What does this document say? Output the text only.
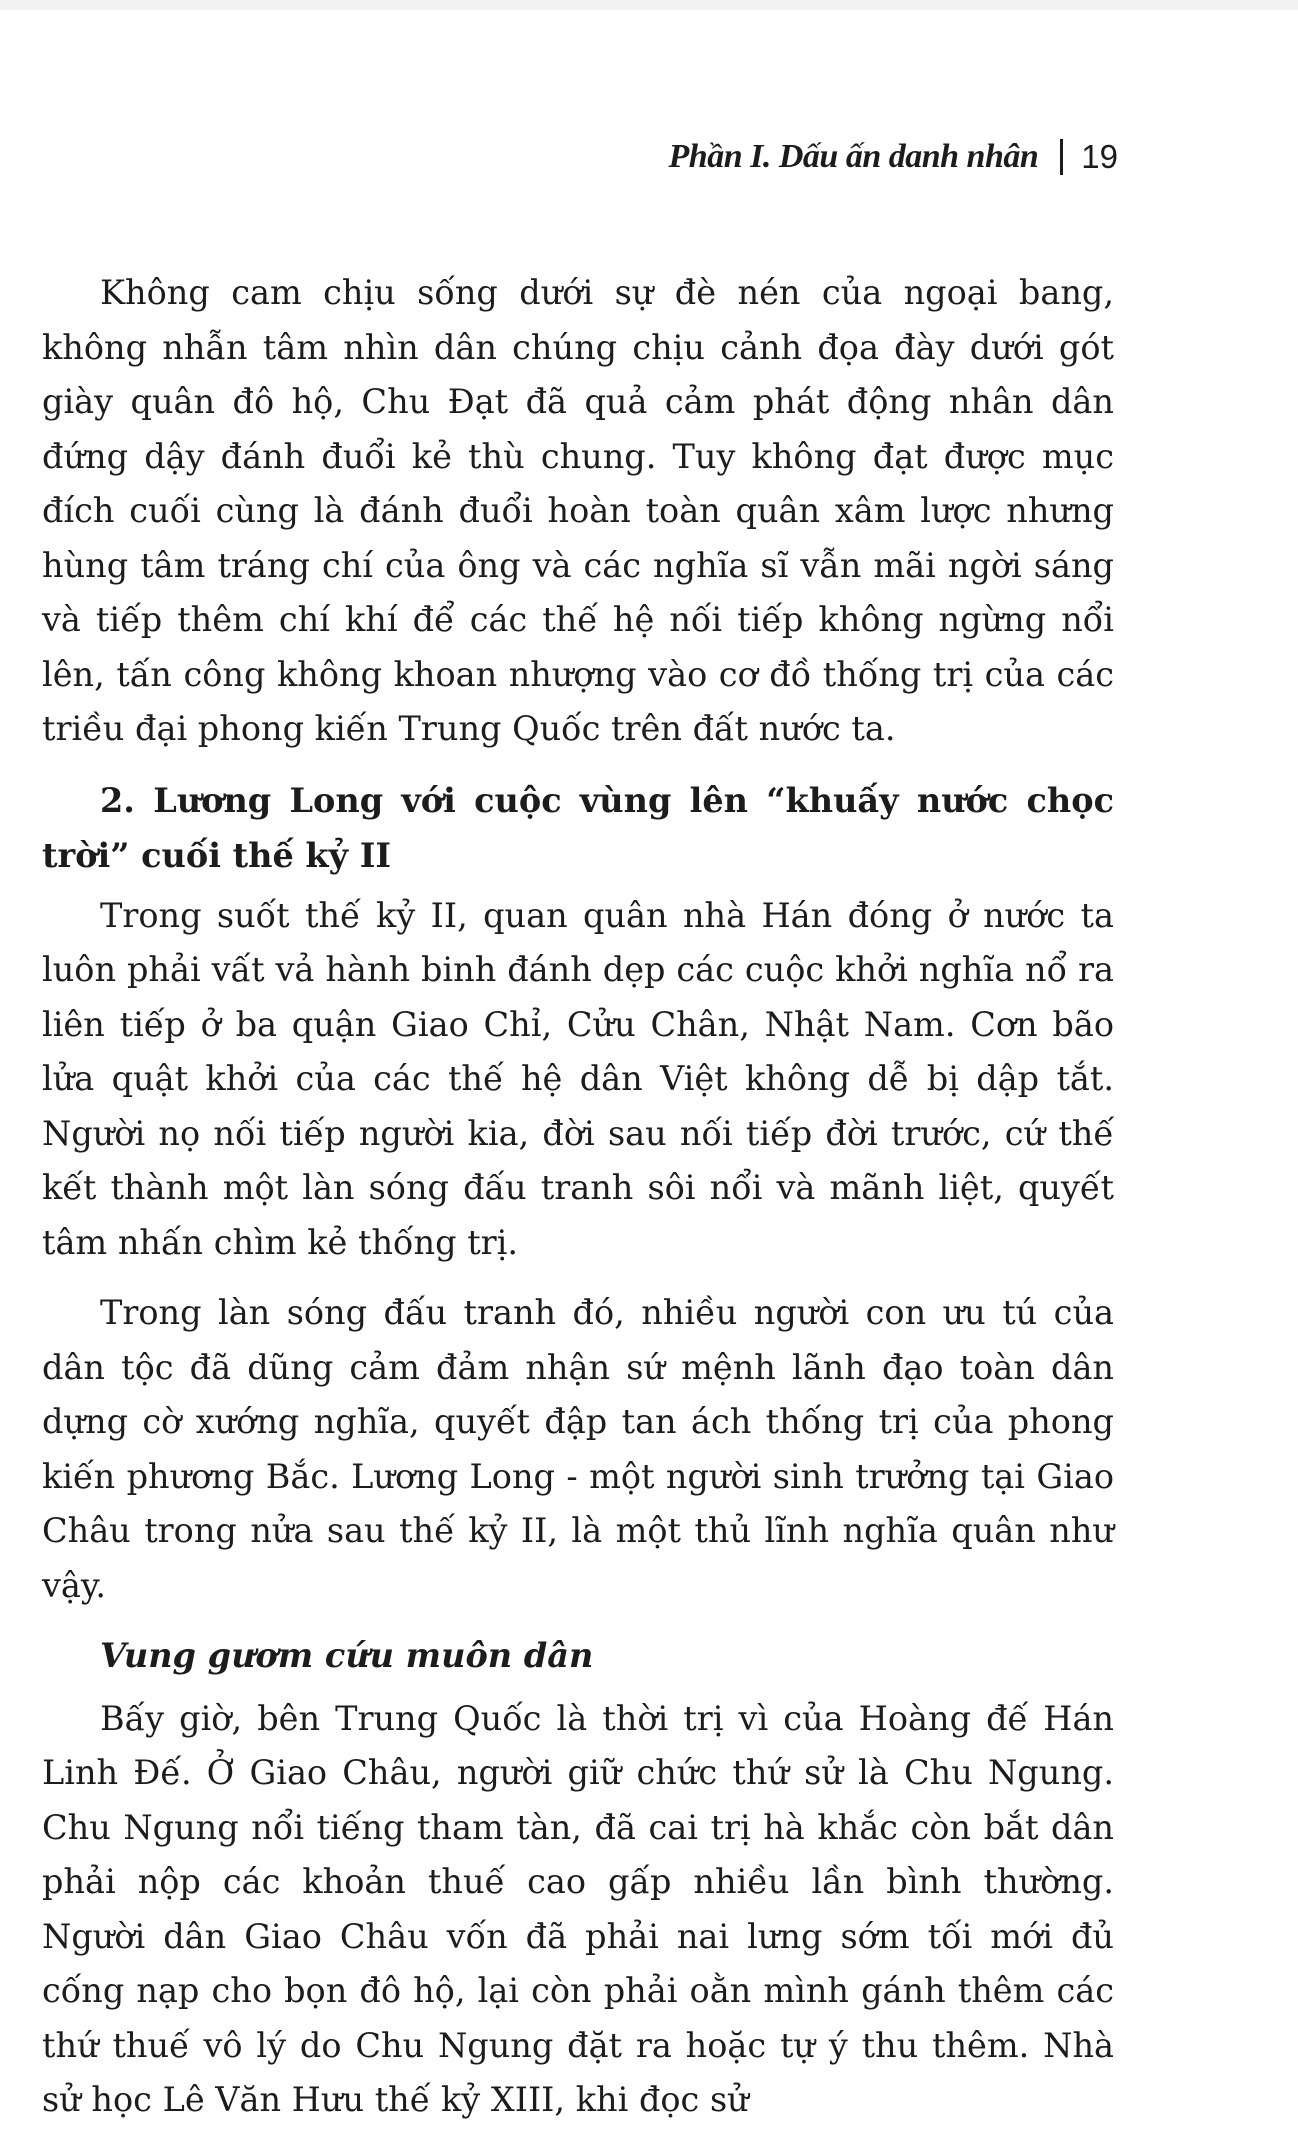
Phần I. Dấu ấn danh nhân 19

Không cam chịu sống dưới sự đè nén của ngoại bang, không nhẫn tâm nhìn dân chúng chịu cảnh đọa đày dưới gót giày quân đô hộ, Chu Đạt đã quả cảm phát động nhân dân đứng dậy đánh đuổi kẻ thù chung. Tuy không đạt được mục đích cuối cùng là đánh đuổi hoàn toàn quân xâm lược nhưng hùng tâm tráng chí của ông và các nghĩa sĩ vẫn mãi ngời sáng và tiếp thêm chí khí để các thế hệ nối tiếp không ngừng nổi lên, tấn công không khoan nhượng vào cơ đồ thống trị của các triều đại phong kiến Trung Quốc trên đất nước ta.

2. Lương Long với cuộc vùng lên “khuấy nước chọc trời” cuối thế kỷ II

Trong suốt thế kỷ II, quan quân nhà Hán đóng ở nước ta luôn phải vất vả hành binh đánh dẹp các cuộc khởi nghĩa nổ ra liên tiếp ở ba quận Giao Chỉ, Cửu Chân, Nhật Nam. Cơn bão lửa quật khởi của các thế hệ dân Việt không dễ bị dập tắt. Người nọ nối tiếp người kia, đời sau nối tiếp đời trước, cứ thế kết thành một làn sóng đấu tranh sôi nổi và mãnh liệt, quyết tâm nhấn chìm kẻ thống trị.

Trong làn sóng đấu tranh đó, nhiều người con ưu tú của dân tộc đã dũng cảm đảm nhận sứ mệnh lãnh đạo toàn dân dựng cờ xướng nghĩa, quyết đập tan ách thống trị của phong kiến phương Bắc. Lương Long - một người sinh trưởng tại Giao Châu trong nửa sau thế kỷ II, là một thủ lĩnh nghĩa quân như vậy.

Vung gươm cứu muôn dân

Bấy giờ, bên Trung Quốc là thời trị vì của Hoàng đế Hán Linh Đế. Ở Giao Châu, người giữ chức thứ sử là Chu Ngung. Chu Ngung nổi tiếng tham tàn, đã cai trị hà khắc còn bắt dân phải nộp các khoản thuế cao gấp nhiều lần bình thường. Người dân Giao Châu vốn đã phải nai lưng sớm tối mới đủ cống nạp cho bọn đô hộ, lại còn phải oằn mình gánh thêm các thứ thuế vô lý do Chu Ngung đặt ra hoặc tự ý thu thêm. Nhà sử học Lê Văn Hưu thế kỷ XIII, khi đọc sử
